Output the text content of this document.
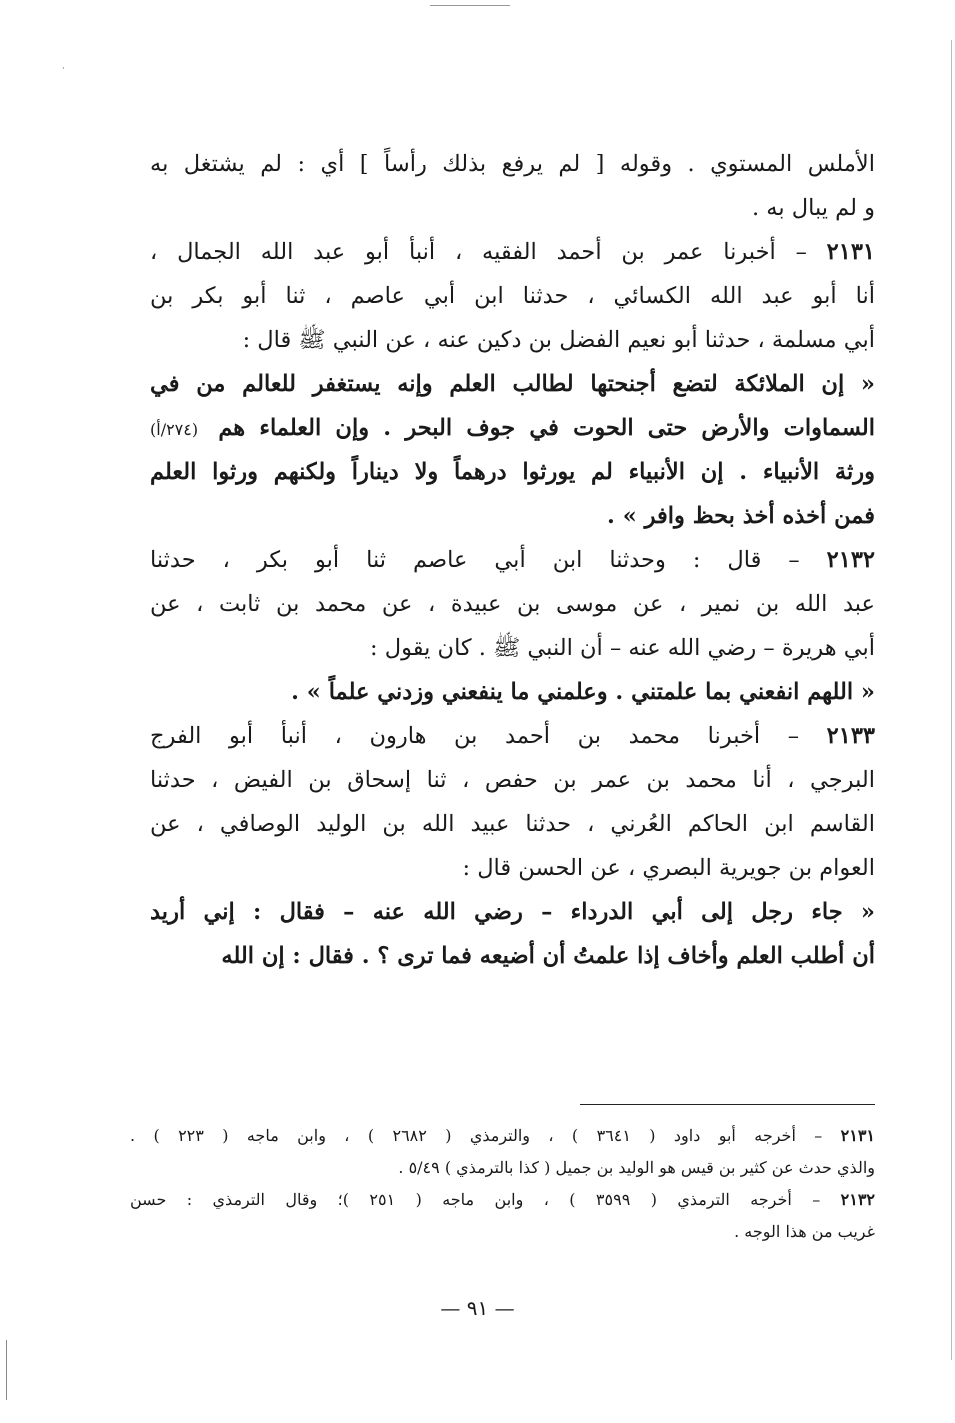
·
الأملس المستوي . وقوله [ لم يرفع بذلك رأساً ] أي : لم يشتغل به
و لم يبال به .
٢١٣١ – أخبرنا عمر بن أحمد الفقيه ، أنبأ أبو عبد الله الجمال ،
أنا أبو عبد الله الكسائي ، حدثنا ابن أبي عاصم ، ثنا أبو بكر بن
أبي مسلمة ، حدثنا أبو نعيم الفضل بن دكين عنه ، عن النبي ﷺ قال :
« إن الملائكة لتضع أجنحتها لطالب العلم وإنه يستغفر للعالم من في
السماوات والأرض حتى الحوت في جوف البحر . وإن العلماء هم (٢٧٤/أ)
ورثة الأنبياء . إن الأنبياء لم يورثوا درهماً ولا ديناراً ولكنهم ورثوا العلم
فمن أخذه أخذ بحظ وافر » .
٢١٣٢ – قال : وحدثنا ابن أبي عاصم ثنا أبو بكر ، حدثنا
عبد الله بن نمير ، عن موسى بن عبيدة ، عن محمد بن ثابت ، عن
أبي هريرة – رضي الله عنه – أن النبي ﷺ . كان يقول :
« اللهم انفعني بما علمتني . وعلمني ما ينفعني وزدني علماً » .
٢١٣٣ – أخبرنا محمد بن أحمد بن هارون ، أنبأ أبو الفرج
البرجي ، أنا محمد بن عمر بن حفص ، ثنا إسحاق بن الفيض ، حدثنا
القاسم ابن الحاكم العُرني ، حدثنا عبيد الله بن الوليد الوصافي ، عن
العوام بن جويرية البصري ، عن الحسن قال :
« جاء رجل إلى أبي الدرداء – رضي الله عنه – فقال : إني أريد
أن أطلب العلم وأخاف إذا علمتُ أن أضيعه فما ترى ؟ . فقال : إن الله
٢١٣١ – أخرجه أبو داود ( ٣٦٤١ ) ، والترمذي ( ٢٦٨٢ ) ، وابن ماجه ( ٢٢٣ ) .
والذي حدث عن كثير بن قيس هو الوليد بن جميل ( كذا بالترمذي ) ٥/٤٩ .
٢١٣٢ – أخرجه الترمذي ( ٣٥٩٩ ) ، وابن ماجه ( ٢٥١ )؛ وقال الترمذي : حسن
غريب من هذا الوجه .
— ٩١ —
